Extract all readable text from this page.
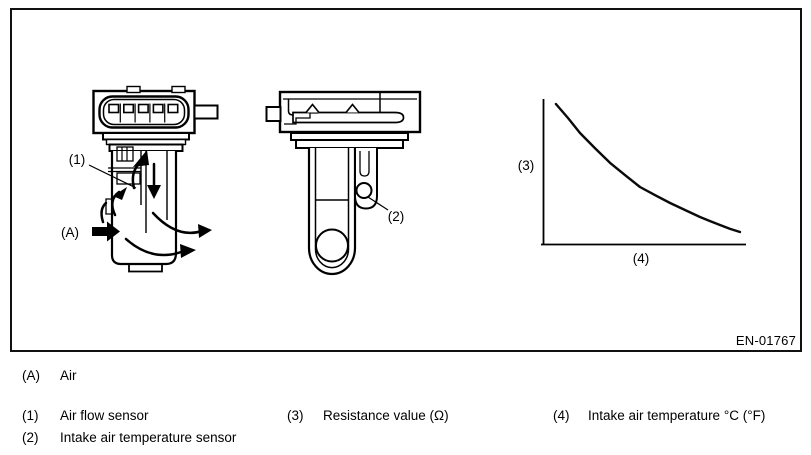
(1)
(A)
(2)
(3)
(4)
EN-01767
(A) Air
(1) Air flow sensor	(3) Resistance value (Ω)	(4) Intake air temperature °C (°F)
(2) Intake air temperature sensor
